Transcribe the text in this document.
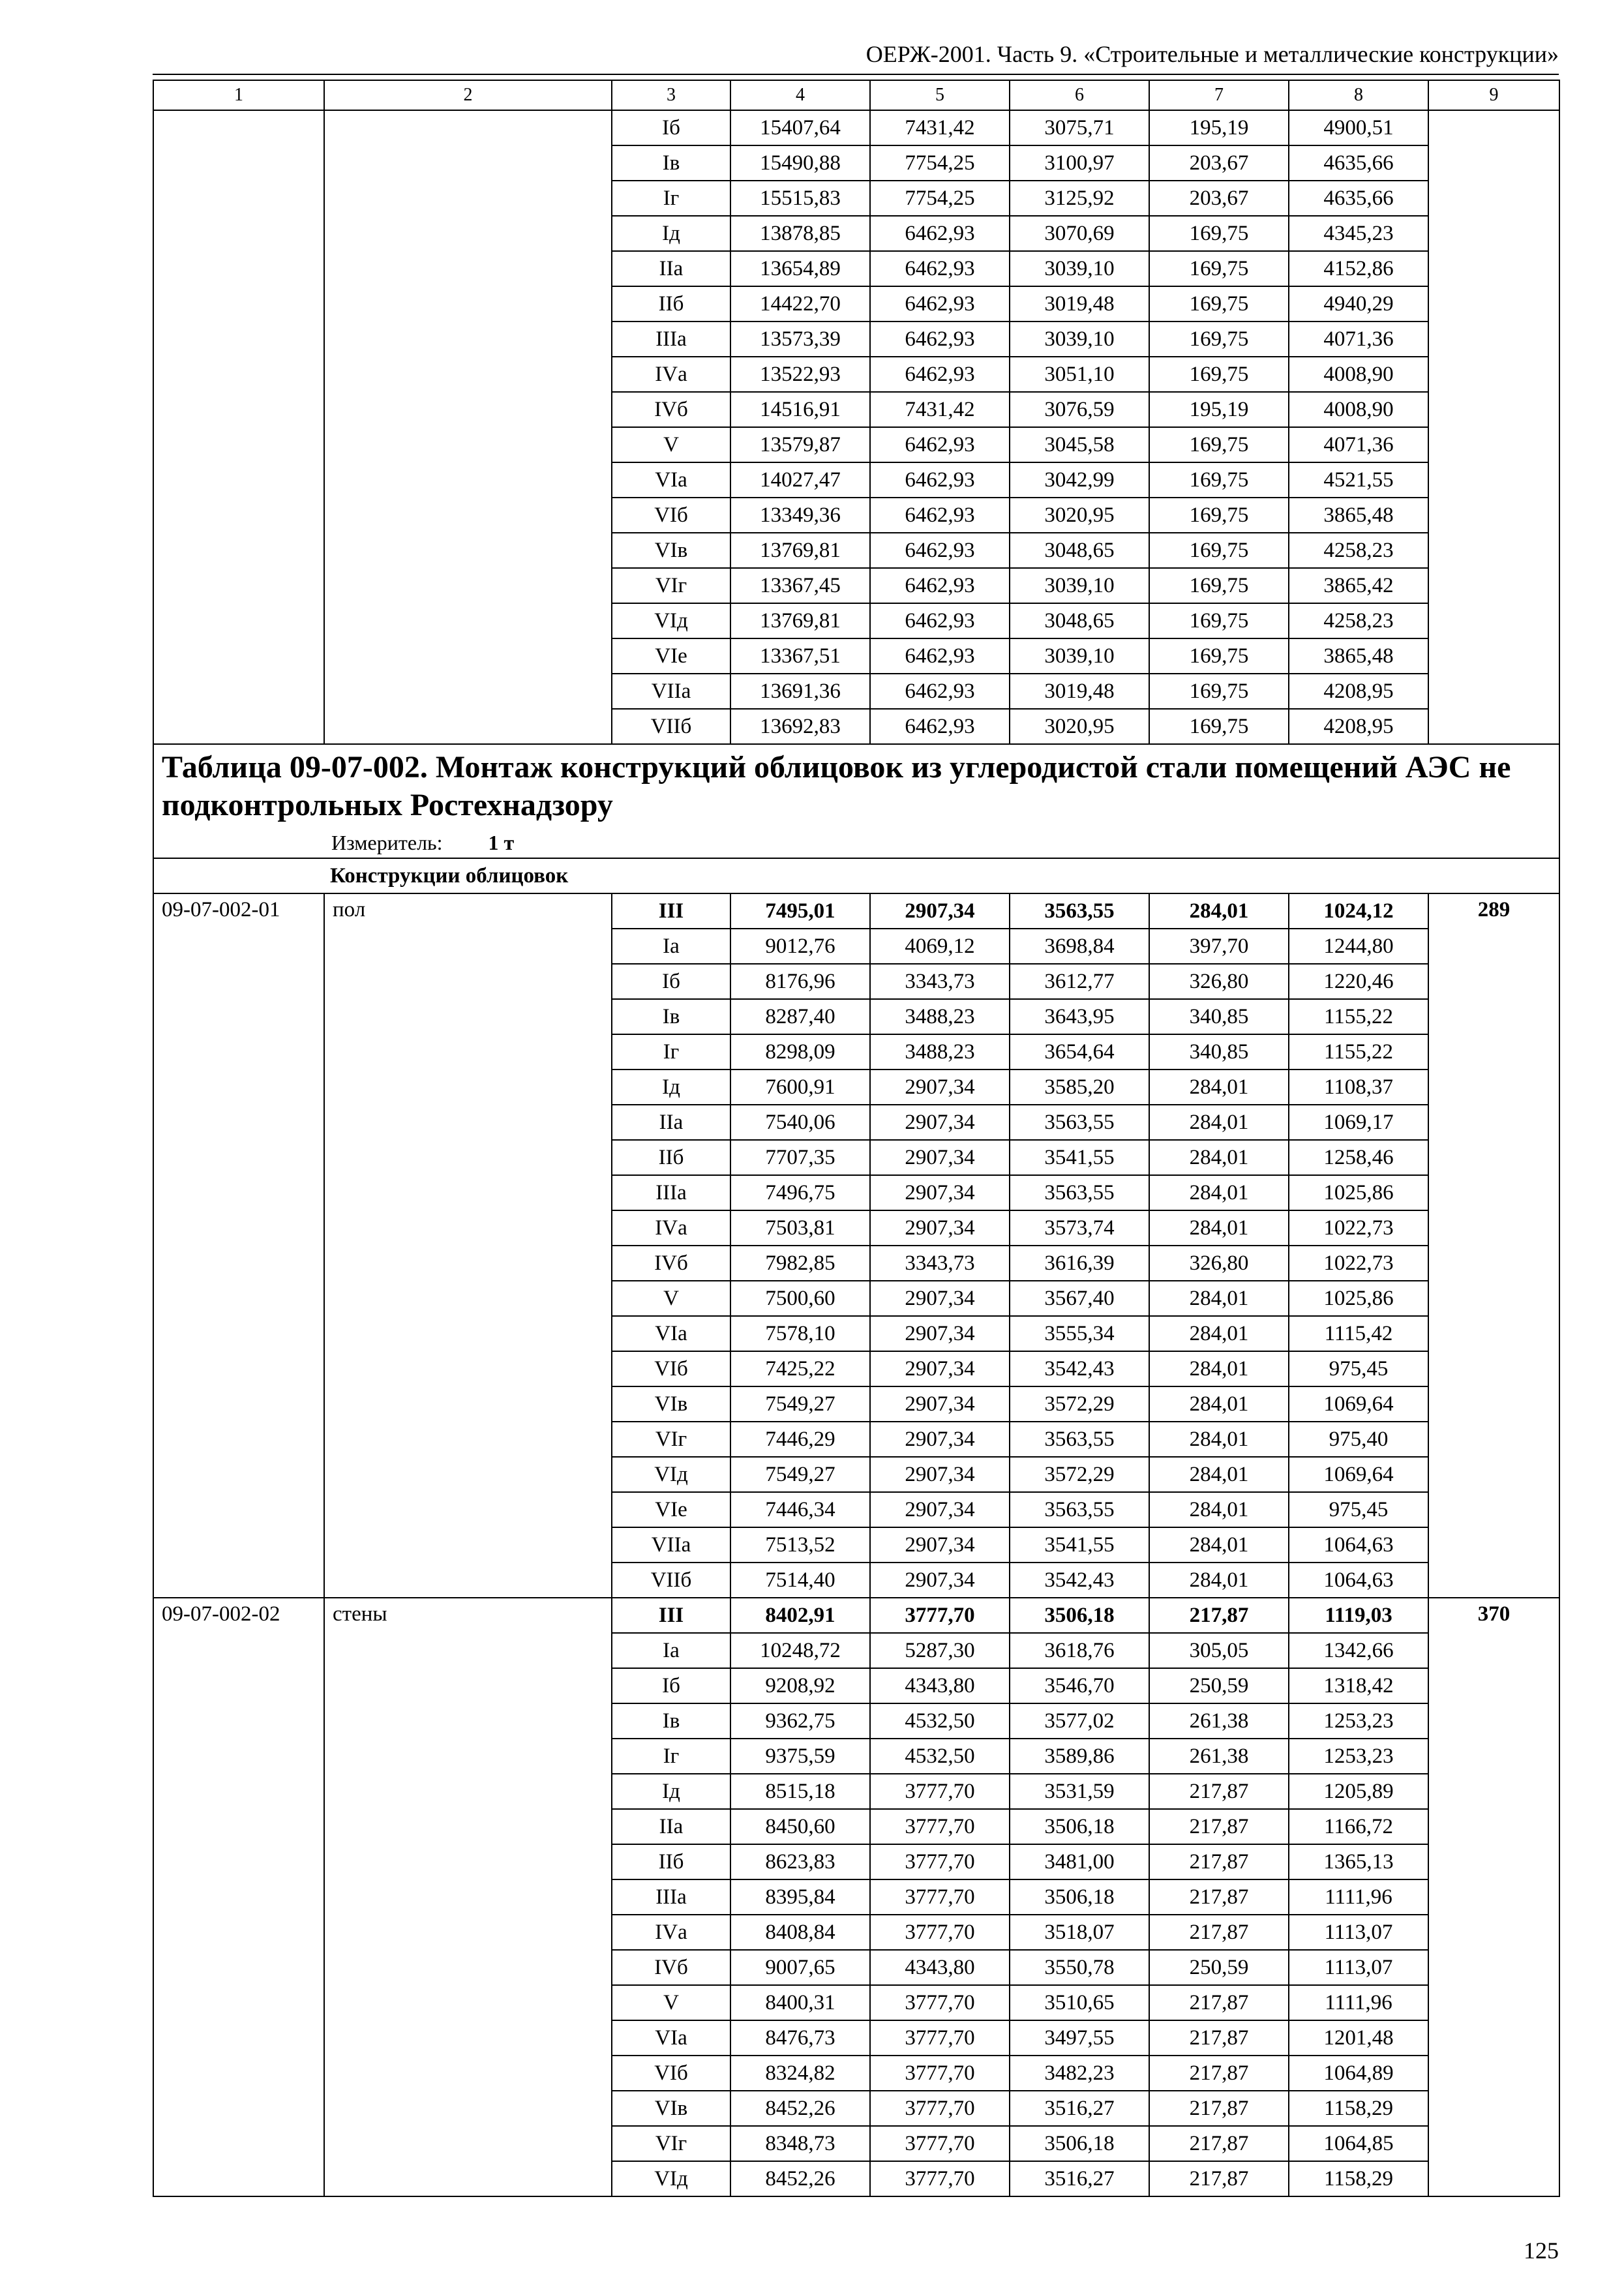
ОЕРЖ-2001. Часть 9. «Строительные и металлические конструкции»
1	2	3	4	5	6	7	8	9
		Iб	15407,64	7431,42	3075,71	195,19	4900,51	
		Iв	15490,88	7754,25	3100,97	203,67	4635,66	
		Iг	15515,83	7754,25	3125,92	203,67	4635,66	
		Iд	13878,85	6462,93	3070,69	169,75	4345,23	
		IIа	13654,89	6462,93	3039,10	169,75	4152,86	
		IIб	14422,70	6462,93	3019,48	169,75	4940,29	
		IIIа	13573,39	6462,93	3039,10	169,75	4071,36	
		IVа	13522,93	6462,93	3051,10	169,75	4008,90	
		IVб	14516,91	7431,42	3076,59	195,19	4008,90	
		V	13579,87	6462,93	3045,58	169,75	4071,36	
		VIа	14027,47	6462,93	3042,99	169,75	4521,55	
		VIб	13349,36	6462,93	3020,95	169,75	3865,48	
		VIв	13769,81	6462,93	3048,65	169,75	4258,23	
		VIг	13367,45	6462,93	3039,10	169,75	3865,42	
		VIд	13769,81	6462,93	3048,65	169,75	4258,23	
		VIе	13367,51	6462,93	3039,10	169,75	3865,48	
		VIIа	13691,36	6462,93	3019,48	169,75	4208,95	
		VIIб	13692,83	6462,93	3020,95	169,75	4208,95	

Таблица 09-07-002. Монтаж конструкций облицовок из углеродистой стали помещений АЭС не подконтрольных Ростехнадзору
Измеритель: 1 т								

Конструкции облицовок								
09-07-002-01	пол	III	7495,01	2907,34	3563,55	284,01	1024,12	289
		Iа	9012,76	4069,12	3698,84	397,70	1244,80	
		Iб	8176,96	3343,73	3612,77	326,80	1220,46	
		Iв	8287,40	3488,23	3643,95	340,85	1155,22	
		Iг	8298,09	3488,23	3654,64	340,85	1155,22	
		Iд	7600,91	2907,34	3585,20	284,01	1108,37	
		IIа	7540,06	2907,34	3563,55	284,01	1069,17	
		IIб	7707,35	2907,34	3541,55	284,01	1258,46	
		IIIа	7496,75	2907,34	3563,55	284,01	1025,86	
		IVа	7503,81	2907,34	3573,74	284,01	1022,73	
		IVб	7982,85	3343,73	3616,39	326,80	1022,73	
		V	7500,60	2907,34	3567,40	284,01	1025,86	
		VIа	7578,10	2907,34	3555,34	284,01	1115,42	
		VIб	7425,22	2907,34	3542,43	284,01	975,45	
		VIв	7549,27	2907,34	3572,29	284,01	1069,64	
		VIг	7446,29	2907,34	3563,55	284,01	975,40	
		VIд	7549,27	2907,34	3572,29	284,01	1069,64	
		VIе	7446,34	2907,34	3563,55	284,01	975,45	
		VIIа	7513,52	2907,34	3541,55	284,01	1064,63	
		VIIб	7514,40	2907,34	3542,43	284,01	1064,63	
09-07-002-02	стены	III	8402,91	3777,70	3506,18	217,87	1119,03	370
		Iа	10248,72	5287,30	3618,76	305,05	1342,66	
		Iб	9208,92	4343,80	3546,70	250,59	1318,42	
		Iв	9362,75	4532,50	3577,02	261,38	1253,23	
		Iг	9375,59	4532,50	3589,86	261,38	1253,23	
		Iд	8515,18	3777,70	3531,59	217,87	1205,89	
		IIа	8450,60	3777,70	3506,18	217,87	1166,72	
		IIб	8623,83	3777,70	3481,00	217,87	1365,13	
		IIIа	8395,84	3777,70	3506,18	217,87	1111,96	
		IVа	8408,84	3777,70	3518,07	217,87	1113,07	
		IVб	9007,65	4343,80	3550,78	250,59	1113,07	
		V	8400,31	3777,70	3510,65	217,87	1111,96	
		VIа	8476,73	3777,70	3497,55	217,87	1201,48	
		VIб	8324,82	3777,70	3482,23	217,87	1064,89	
		VIв	8452,26	3777,70	3516,27	217,87	1158,29	
		VIг	8348,73	3777,70	3506,18	217,87	1064,85	
		VIд	8452,26	3777,70	3516,27	217,87	1158,29	
125
